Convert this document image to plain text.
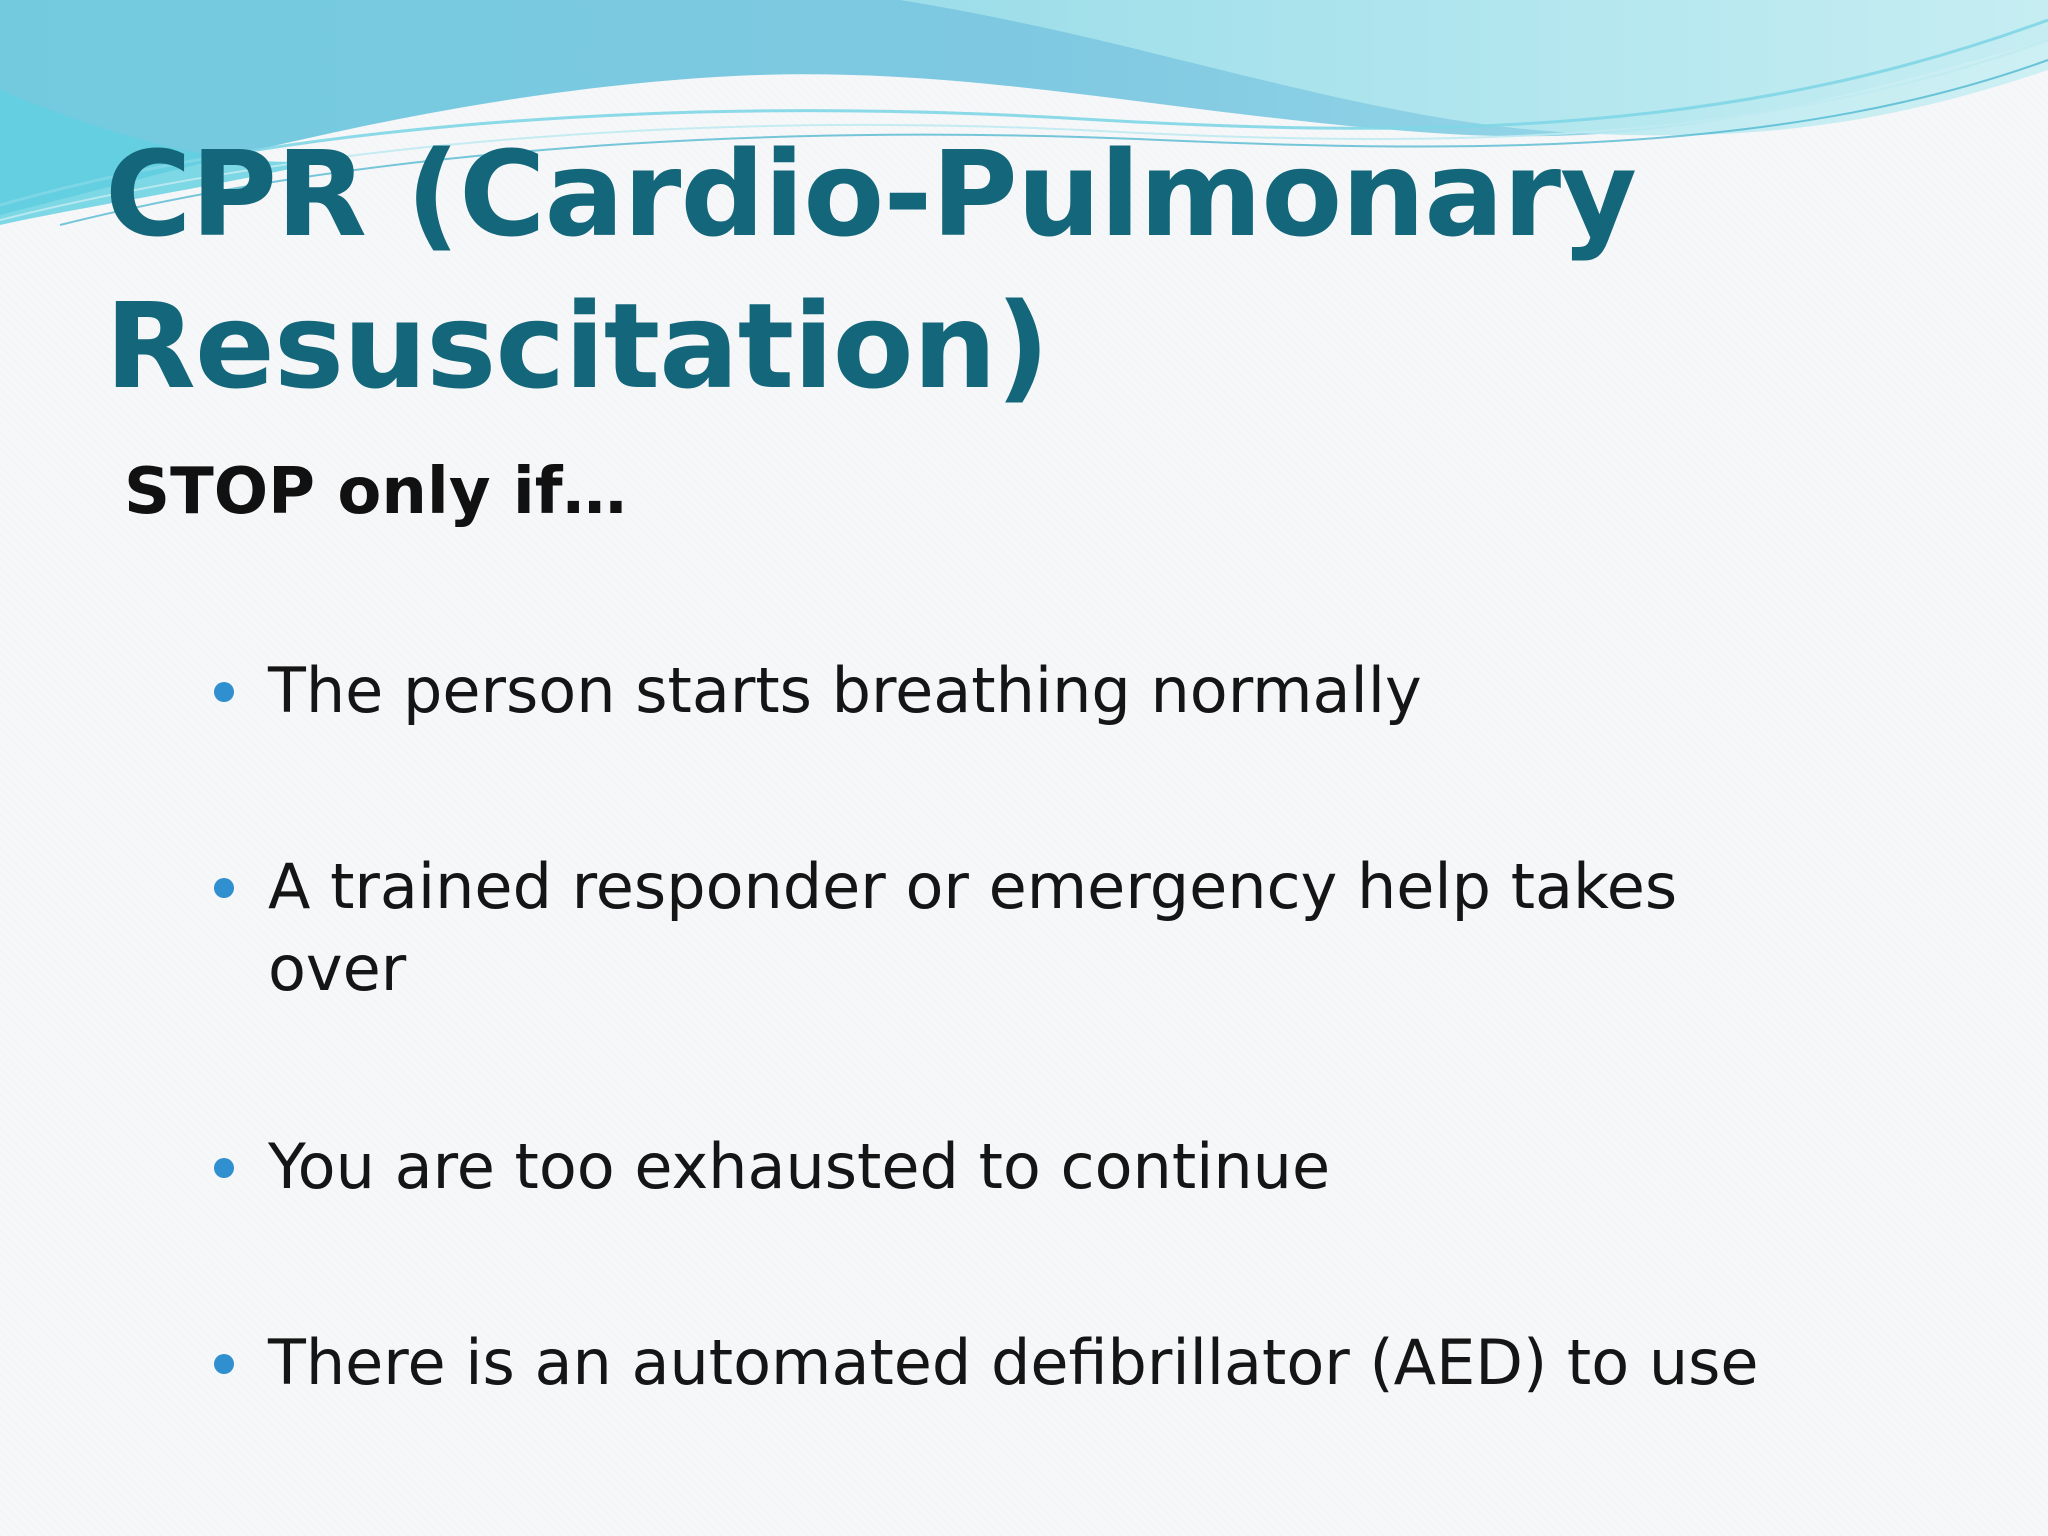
CPR (Cardio-Pulmonary
Resuscitation)

STOP only if…

The person starts breathing normally
A trained responder or emergency help takes over
You are too exhausted to continue
There is an automated defibrillator (AED) to use
